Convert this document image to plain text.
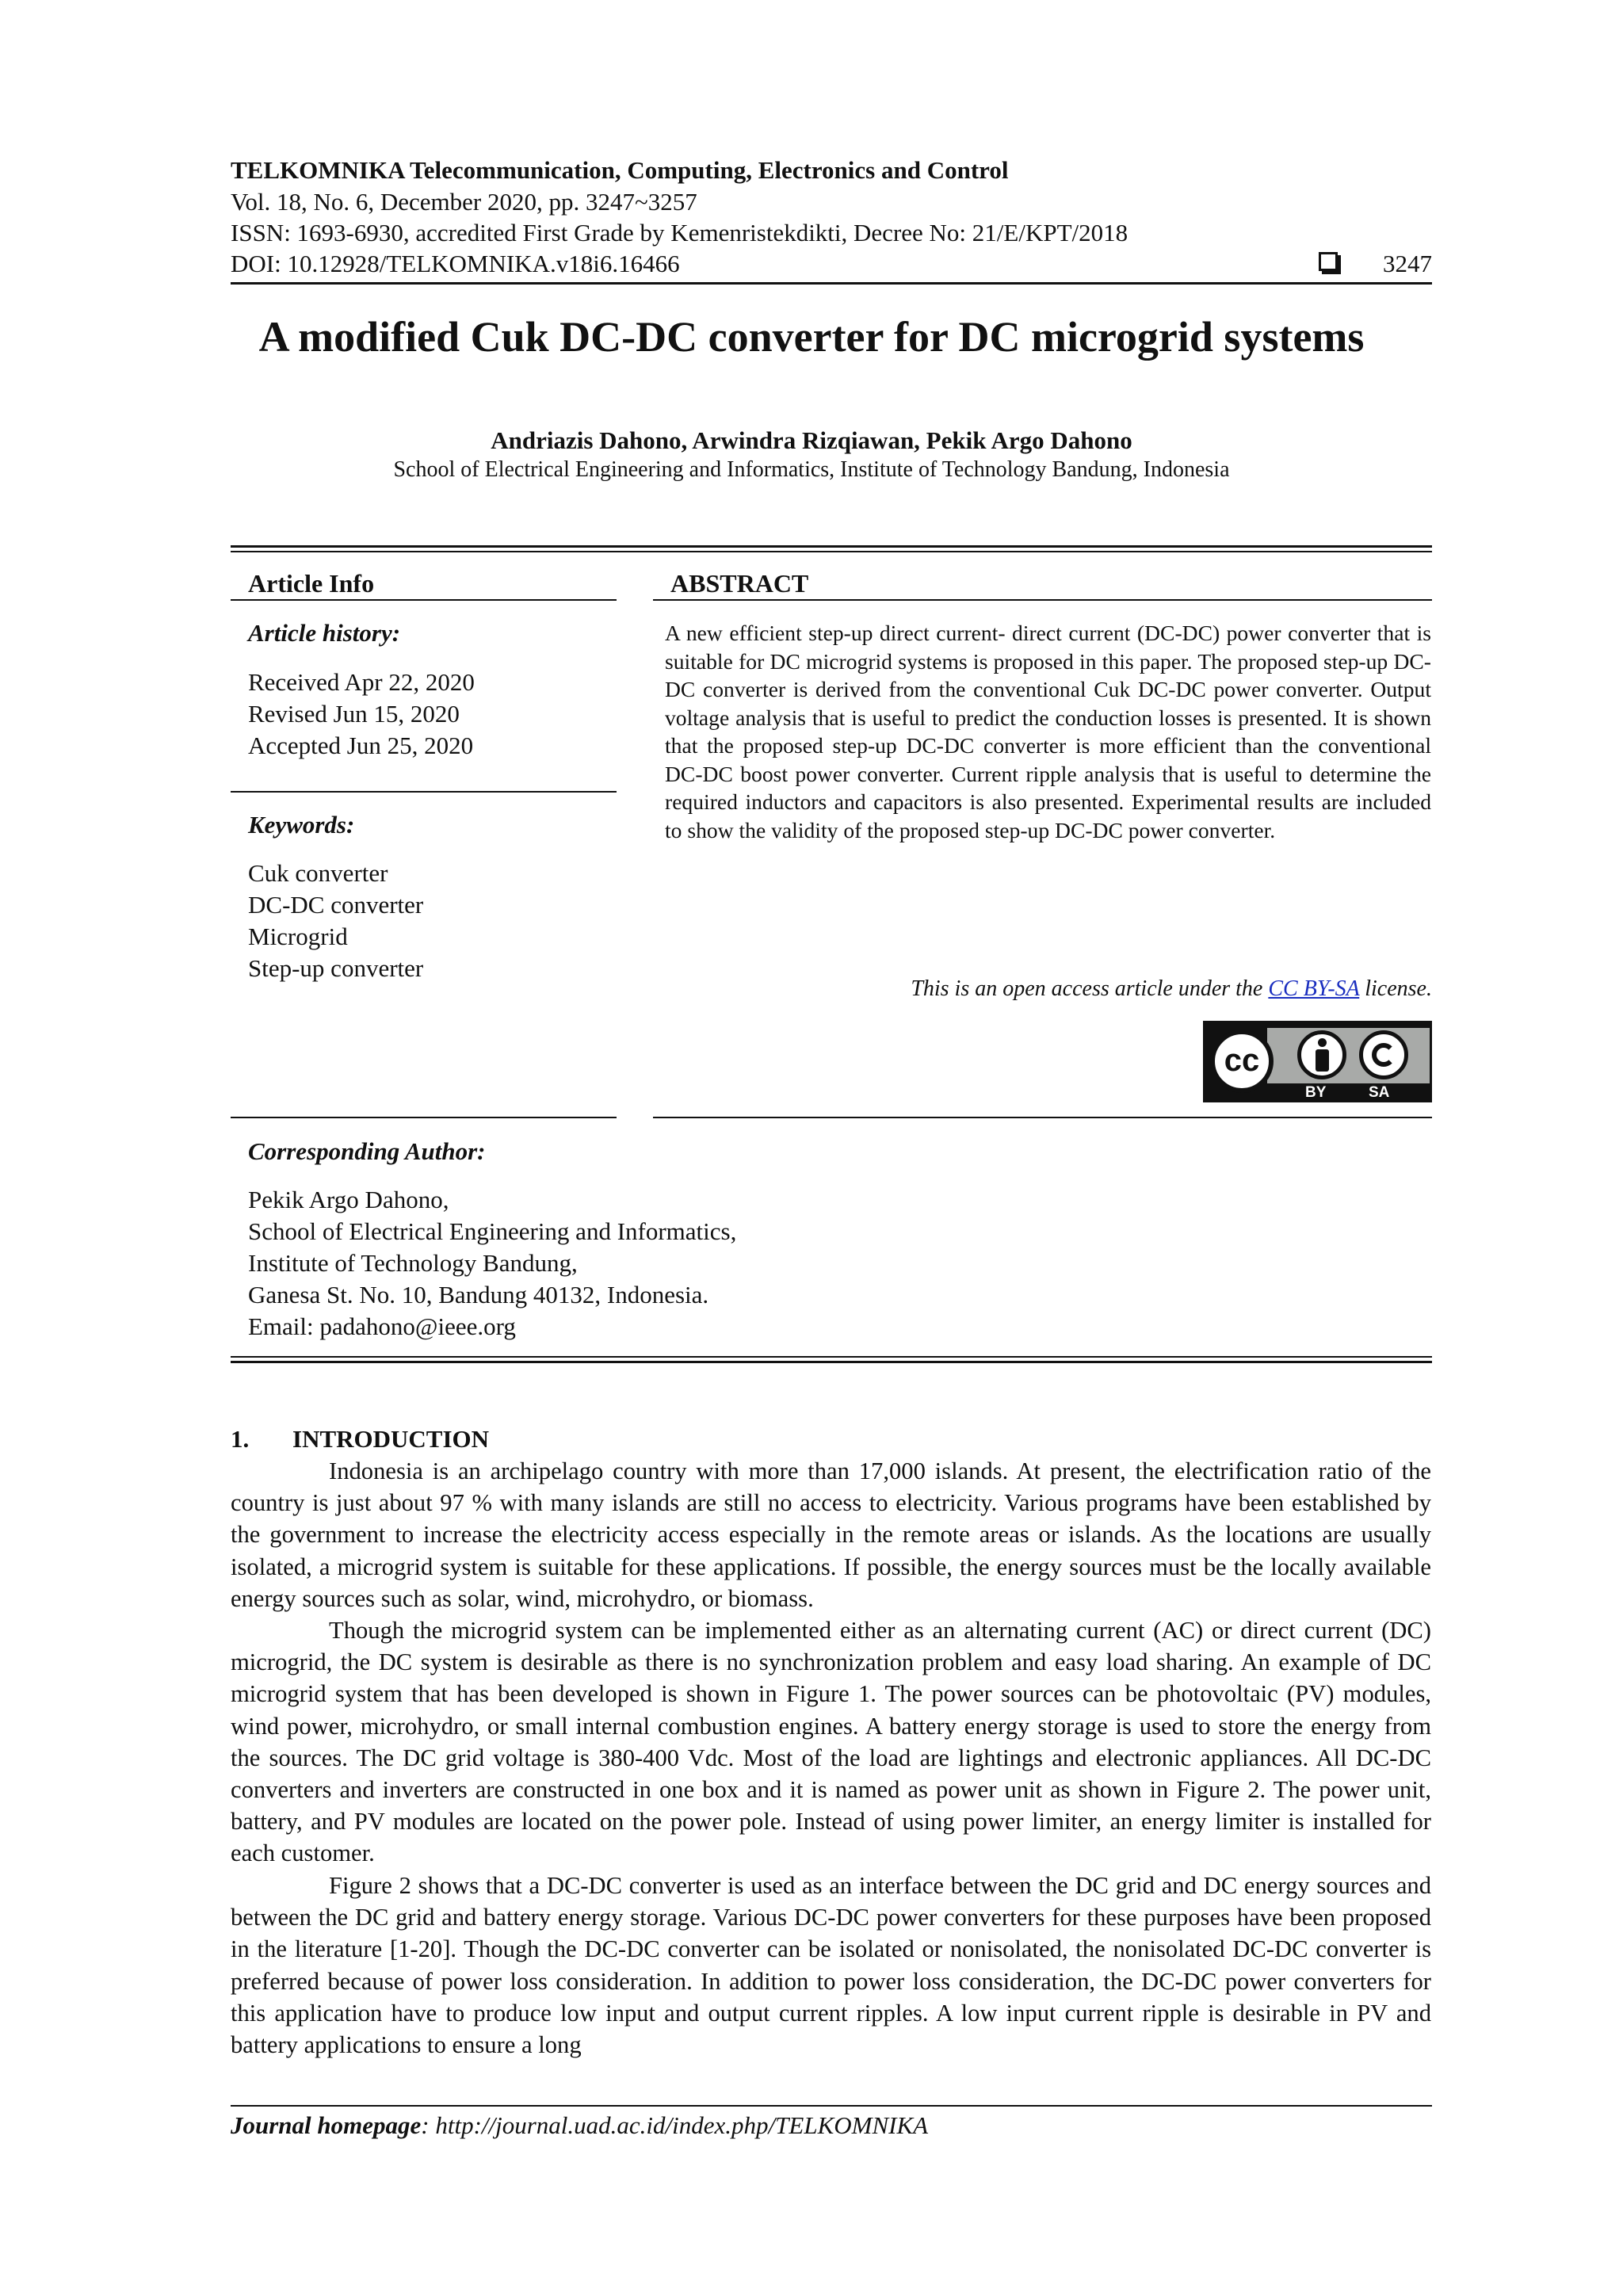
TELKOMNIKA Telecommunication, Computing, Electronics and Control
Vol. 18, No. 6, December 2020, pp. 3247~3257
ISSN: 1693-6930, accredited First Grade by Kemenristekdikti, Decree No: 21/E/KPT/2018
DOI: 10.12928/TELKOMNIKA.v18i6.16466	3247
A modified Cuk DC-DC converter for DC microgrid systems
Andriazis Dahono, Arwindra Rizqiawan, Pekik Argo Dahono
School of Electrical Engineering and Informatics, Institute of Technology Bandung, Indonesia
Article Info
Article history:
Received Apr 22, 2020
Revised Jun 15, 2020
Accepted Jun 25, 2020
Keywords:
Cuk converter
DC-DC converter
Microgrid
Step-up converter
ABSTRACT
A new efficient step-up direct current- direct current (DC-DC) power converter that is suitable for DC microgrid systems is proposed in this paper. The proposed step-up DC-DC converter is derived from the conventional Cuk DC-DC power converter. Output voltage analysis that is useful to predict the conduction losses is presented. It is shown that the proposed step-up DC-DC converter is more efficient than the conventional DC-DC boost power converter. Current ripple analysis that is useful to determine the required inductors and capacitors is also presented. Experimental results are included to show the validity of the proposed step-up DC-DC power converter.
This is an open access article under the CC BY-SA license.
cc
BY	SA
Corresponding Author:
Pekik Argo Dahono,
School of Electrical Engineering and Informatics,
Institute of Technology Bandung,
Ganesa St. No. 10, Bandung 40132, Indonesia.
Email: padahono@ieee.org
1. INTRODUCTION
Indonesia is an archipelago country with more than 17,000 islands. At present, the electrification ratio of the country is just about 97 % with many islands are still no access to electricity. Various programs have been established by the government to increase the electricity access especially in the remote areas or islands. As the locations are usually isolated, a microgrid system is suitable for these applications. If possible, the energy sources must be the locally available energy sources such as solar, wind, microhydro, or biomass.
Though the microgrid system can be implemented either as an alternating current (AC) or direct current (DC) microgrid, the DC system is desirable as there is no synchronization problem and easy load sharing. An example of DC microgrid system that has been developed is shown in Figure 1. The power sources can be photovoltaic (PV) modules, wind power, microhydro, or small internal combustion engines. A battery energy storage is used to store the energy from the sources. The DC grid voltage is 380-400 Vdc. Most of the load are lightings and electronic appliances. All DC-DC converters and inverters are constructed in one box and it is named as power unit as shown in Figure 2. The power unit, battery, and PV modules are located on the power pole. Instead of using power limiter, an energy limiter is installed for each customer.
Figure 2 shows that a DC-DC converter is used as an interface between the DC grid and DC energy sources and between the DC grid and battery energy storage. Various DC-DC power converters for these purposes have been proposed in the literature [1-20]. Though the DC-DC converter can be isolated or nonisolated, the nonisolated DC-DC converter is preferred because of power loss consideration. In addition to power loss consideration, the DC-DC power converters for this application have to produce low input and output current ripples. A low input current ripple is desirable in PV and battery applications to ensure a long
Journal homepage: http://journal.uad.ac.id/index.php/TELKOMNIKA
